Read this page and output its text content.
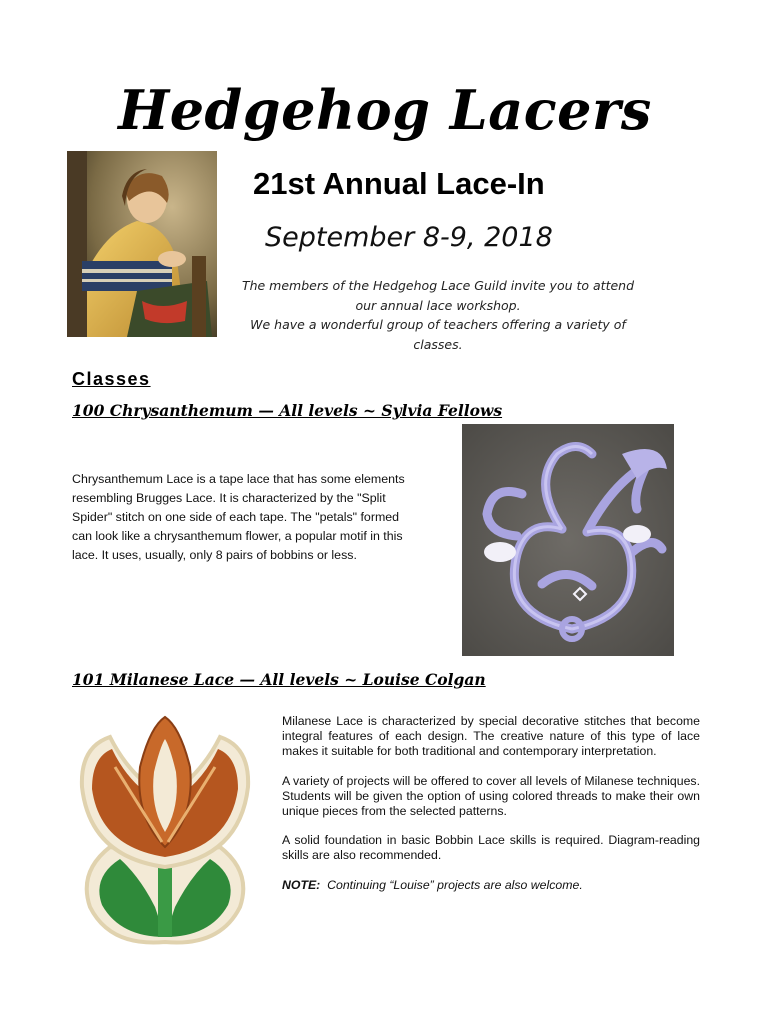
Hedgehog Lacers
21st Annual Lace-In
September 8-9, 2018
The members of the Hedgehog Lace Guild invite you to attend
our annual lace workshop.
We have a wonderful group of teachers offering a variety of
classes.
Classes
100 Chrysanthemum — All levels ~ Sylvia Fellows
Chrysanthemum Lace is a tape lace that has some elements resembling Brugges Lace. It is characterized by the "Split Spider" stitch on one side of each tape. The "petals" formed can look like a chrysanthemum flower, a popular motif in this lace. It uses, usually, only 8 pairs of bobbins or less.
101 Milanese Lace — All levels ~ Louise Colgan

Milanese Lace is characterized by special decorative stitches that become integral features of each design. The creative nature of this type of lace makes it suitable for both traditional and contemporary interpretation.

A variety of projects will be offered to cover all levels of Milanese techniques. Students will be given the option of using colored threads to make their own unique pieces from the selected patterns.

A solid foundation in basic Bobbin Lace skills is required. Diagram-reading skills are also recommended.

NOTE: Continuing “Louise” projects are also welcome.
